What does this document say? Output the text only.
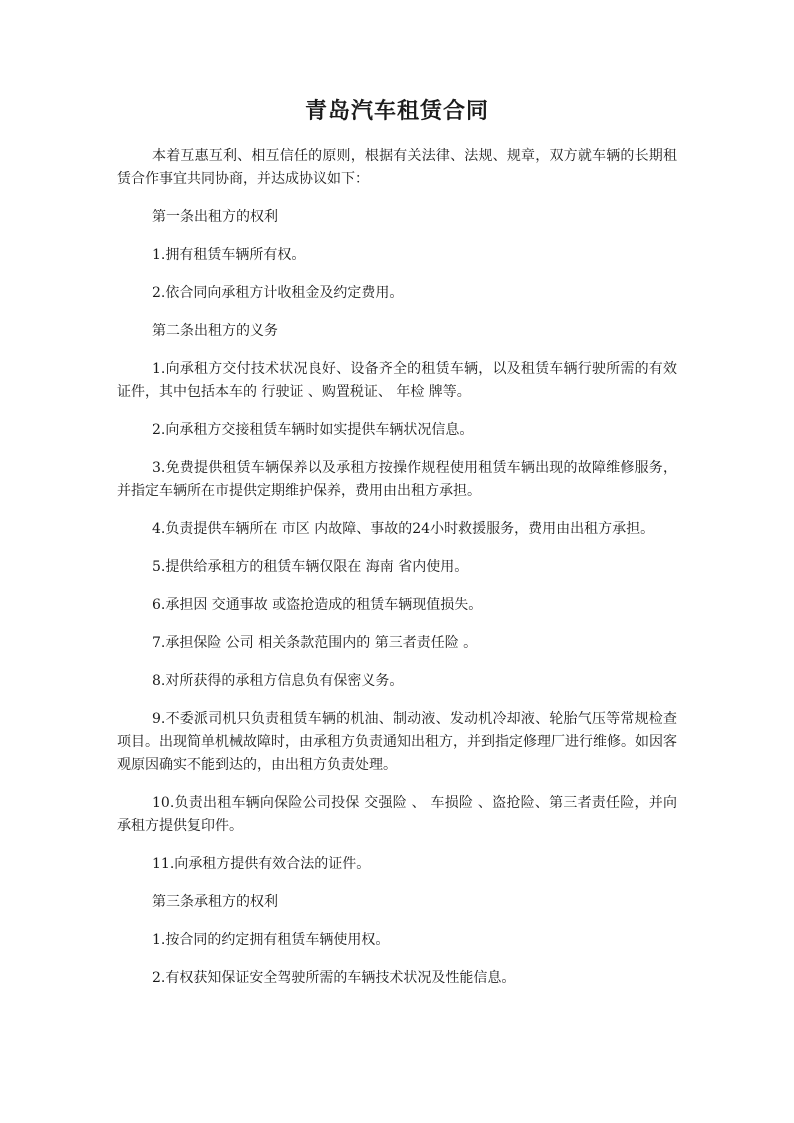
青岛汽车租赁合同

本着互惠互利、相互信任的原则，根据有关法律、法规、规章，双方就车辆的长期租赁合作事宜共同协商，并达成协议如下：

第一条出租方的权利

1.拥有租赁车辆所有权。

2.依合同向承租方计收租金及约定费用。

第二条出租方的义务

1.向承租方交付技术状况良好、设备齐全的租赁车辆，以及租赁车辆行驶所需的有效证件，其中包括本车的 行驶证 、购置税证、 年检 牌等。

2.向承租方交接租赁车辆时如实提供车辆状况信息。

3.免费提供租赁车辆保养以及承租方按操作规程使用租赁车辆出现的故障维修服务，并指定车辆所在市提供定期维护保养，费用由出租方承担。

4.负责提供车辆所在 市区 内故障、事故的24小时救援服务，费用由出租方承担。

5.提供给承租方的租赁车辆仅限在 海南 省内使用。

6.承担因 交通事故 或盗抢造成的租赁车辆现值损失。

7.承担保险 公司 相关条款范围内的 第三者责任险 。

8.对所获得的承租方信息负有保密义务。

9.不委派司机只负责租赁车辆的机油、制动液、发动机冷却液、轮胎气压等常规检查项目。出现简单机械故障时，由承租方负责通知出租方，并到指定修理厂进行维修。如因客观原因确实不能到达的，由出租方负责处理。

10.负责出租车辆向保险公司投保 交强险 、 车损险 、盗抢险、第三者责任险，并向承租方提供复印件。

11.向承租方提供有效合法的证件。

第三条承租方的权利

1.按合同的约定拥有租赁车辆使用权。

2.有权获知保证安全驾驶所需的车辆技术状况及性能信息。
